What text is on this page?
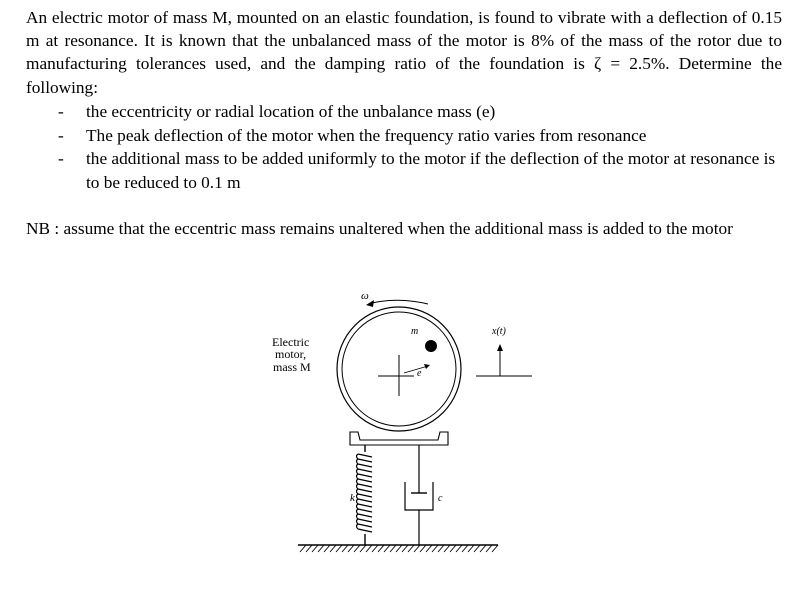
An electric motor of mass M, mounted on an elastic foundation, is found to vibrate with a deflection of 0.15 m at resonance. It is known that the unbalanced mass of the motor is 8% of the mass of the rotor due to manufacturing tolerances used, and the damping ratio of the foundation is ζ = 2.5%. Determine the following:

- the eccentricity or radial location of the unbalance mass (e)
- The peak deflection of the motor when the frequency ratio varies from resonance
- the additional mass to be added uniformly to the motor if the deflection of the motor at resonance is to be reduced to 0.1 m

NB : assume that the eccentric mass remains unaltered when the additional mass is added to the motor

ω
e
m
Electric
motor,
mass M
x(t)
k	c
